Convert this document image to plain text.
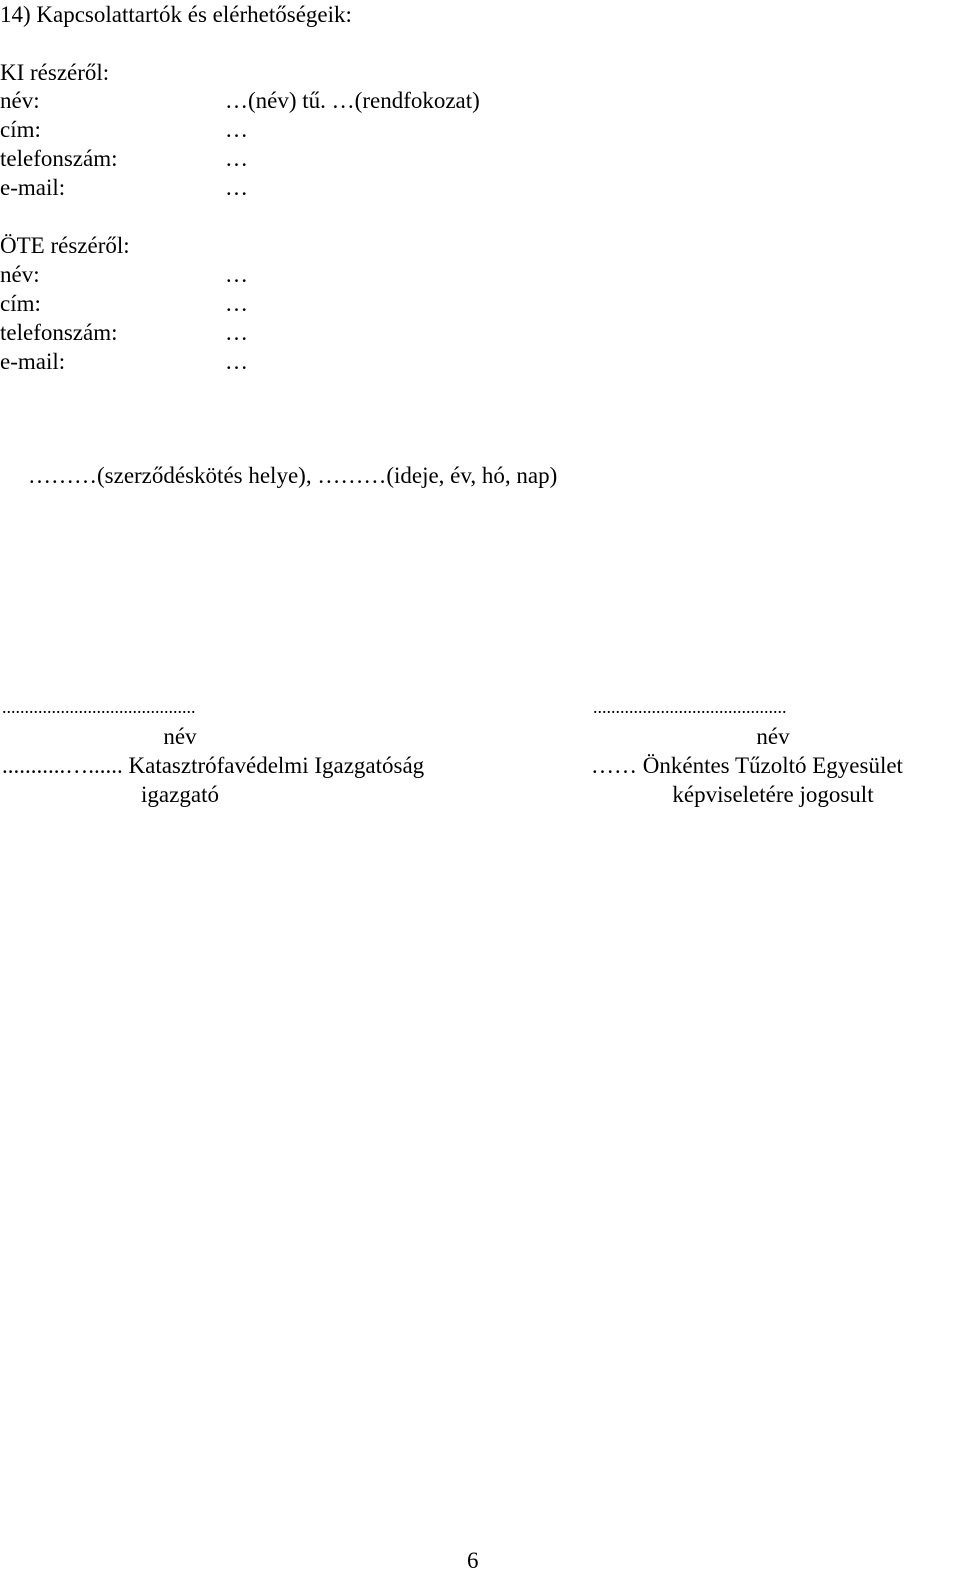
14) Kapcsolattartók és elérhetőségeik:
KI részéről:
név:	…(név) tű. …(rendfokozat)
cím:	…
telefonszám:	…
e-mail:	…
ÖTE részéről:
név:	…
cím:	…
telefonszám:	…
e-mail:	…
………(szerződéskötés helye), ………(ideje, év, hó, nap)
...........................................
név
...........…...... Katasztrófavédelmi Igazgatóság
igazgató
...........................................
név
…… Önkéntes Tűzoltó Egyesület
képviseletére jogosult
6
